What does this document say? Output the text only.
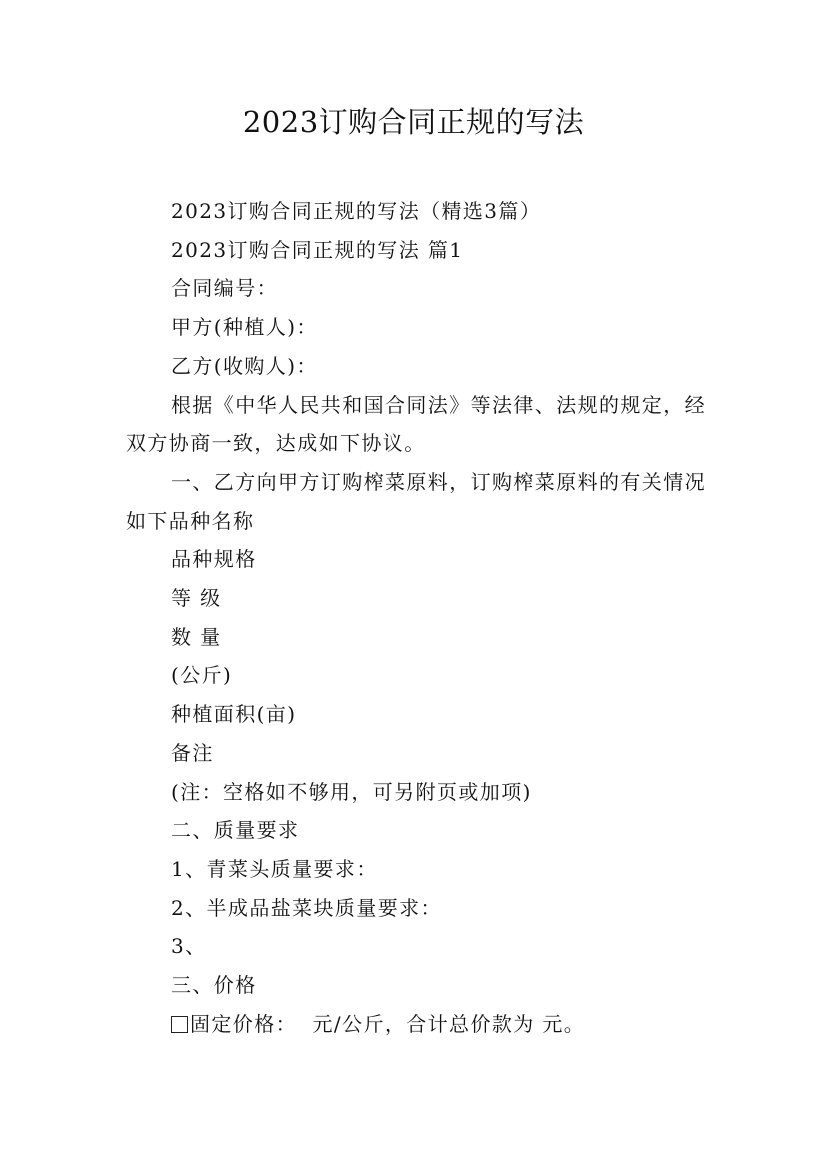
2023订购合同正规的写法

2023订购合同正规的写法（精选3篇）

2023订购合同正规的写法 篇1

合同编号：

甲方(种植人)：

乙方(收购人)：

根据《中华人民共和国合同法》等法律、法规的规定，经双方协商一致，达成如下协议。

一、乙方向甲方订购榨菜原料，订购榨菜原料的有关情况如下品种名称

品种规格

等 级

数 量

(公斤)

种植面积(亩)

备注

(注：空格如不够用，可另附页或加项)

二、质量要求

1、青菜头质量要求：

2、半成品盐菜块质量要求：

3、

三、价格

固定价格：  元/公斤，合计总价款为 元。
